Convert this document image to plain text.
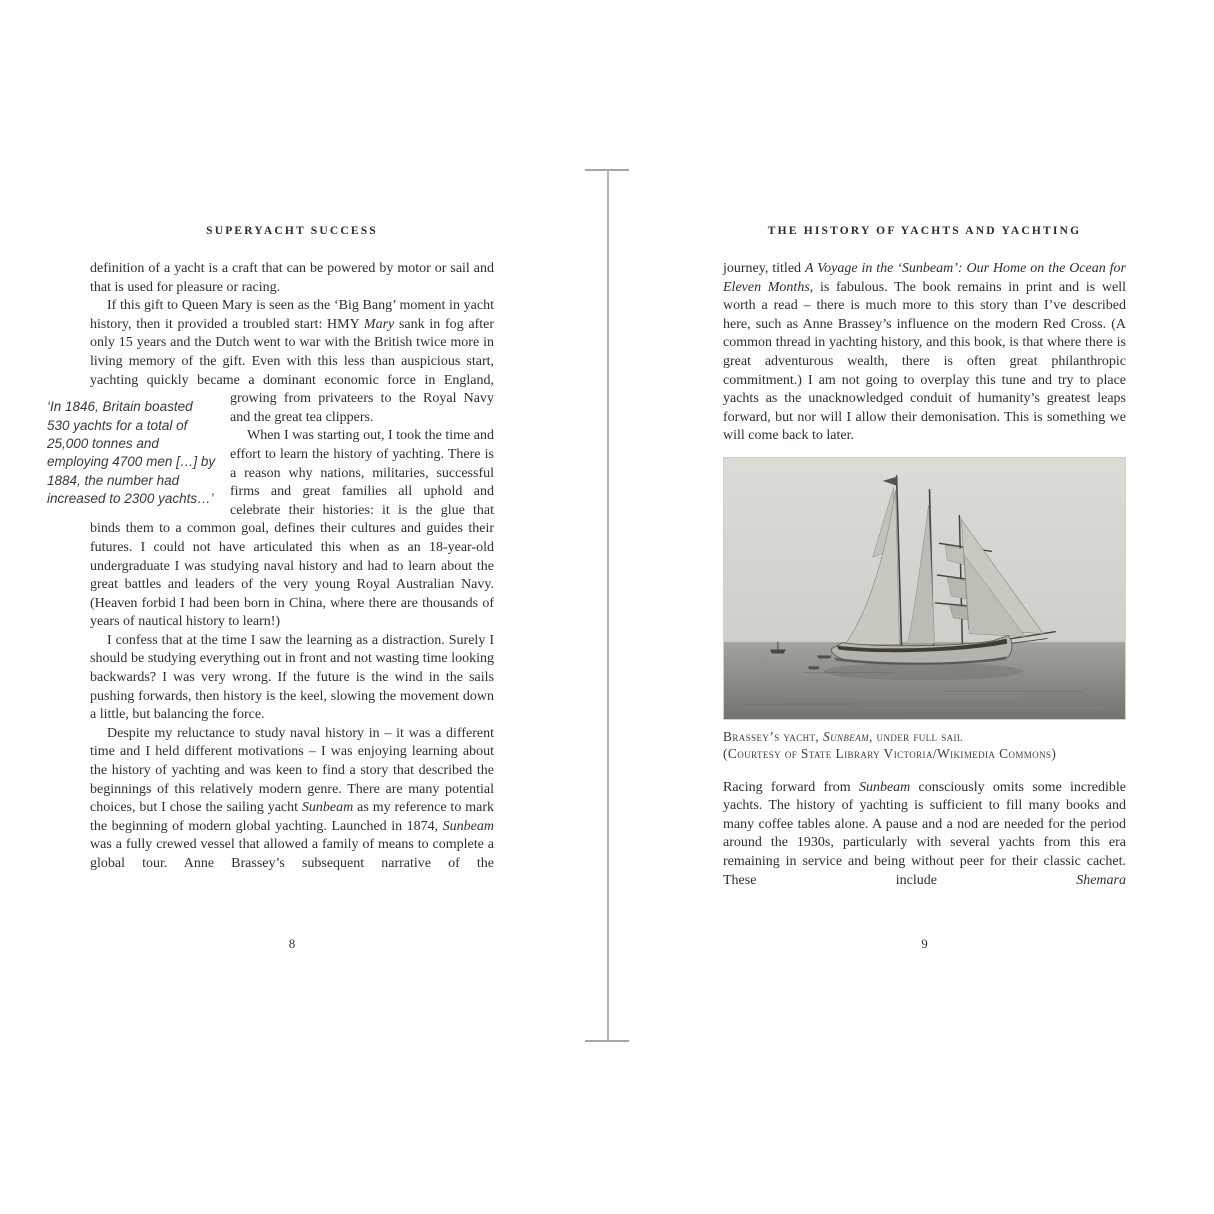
SUPERYACHT SUCCESS

definition of a yacht is a craft that can be powered by motor or sail and that is used for pleasure or racing.

If this gift to Queen Mary is seen as the ‘Big Bang’ moment in yacht history, then it provided a troubled start: HMY Mary sank in fog after only 15 years and the Dutch went to war with the British twice more in living memory of the gift. Even with this less than auspicious start, yachting quickly became a dominant economic force in England, growing from privateers to the Royal
‘In 1846, Britain boasted 530 yachts for a total of 25,000 tonnes and employing 4700 men […] by 1884, the number had increased to 2300 yachts…’
Navy and the great tea clippers.

When I was starting out, I took the time and effort to learn the history of yachting. There is a reason why nations, militaries, successful firms and great families all uphold and celebrate their histories: it is the glue that binds them to a common goal, defines their cultures and guides their futures. I could not have articulated this when as an 18-year-old undergraduate I was studying naval history and had to learn about the great battles and leaders of the very young Royal Australian Navy. (Heaven forbid I had been born in China, where there are thousands of years of nautical history to learn!)

I confess that at the time I saw the learning as a distraction. Surely I should be studying everything out in front and not wasting time looking backwards? I was very wrong. If the future is the wind in the sails pushing forwards, then history is the keel, slowing the movement down a little, but balancing the force.

Despite my reluctance to study naval history in – it was a different time and I held different motivations – I was enjoying learning about the history of yachting and was keen to find a story that described the beginnings of this relatively modern genre. There are many potential choices, but I chose the sailing yacht Sunbeam as my reference to mark the beginning of modern global yachting. Launched in 1874, Sunbeam was a fully crewed vessel that allowed a family of means to complete a global tour. Anne Brassey’s subsequent narrative of the

8
THE HISTORY OF YACHTS AND YACHTING

journey, titled A Voyage in the ‘Sunbeam’: Our Home on the Ocean for Eleven Months, is fabulous. The book remains in print and is well worth a read – there is much more to this story than I’ve described here, such as Anne Brassey’s influence on the modern Red Cross. (A common thread in yachting history, and this book, is that where there is great adventurous wealth, there is often great philanthropic commitment.) I am not going to overplay this tune and try to place yachts as the unacknowledged conduit of humanity’s greatest leaps forward, but nor will I allow their demonisation. This is something we will come back to later.

Brassey’s yacht, Sunbeam, under full sail
(Courtesy of State Library Victoria/Wikimedia Commons)

Racing forward from Sunbeam consciously omits some incredible yachts. The history of yachting is sufficient to fill many books and many coffee tables alone. A pause and a nod are needed for the period around the 1930s, particularly with several yachts from this era remaining in service and being without peer for their classic cachet. These include Shemara

9
